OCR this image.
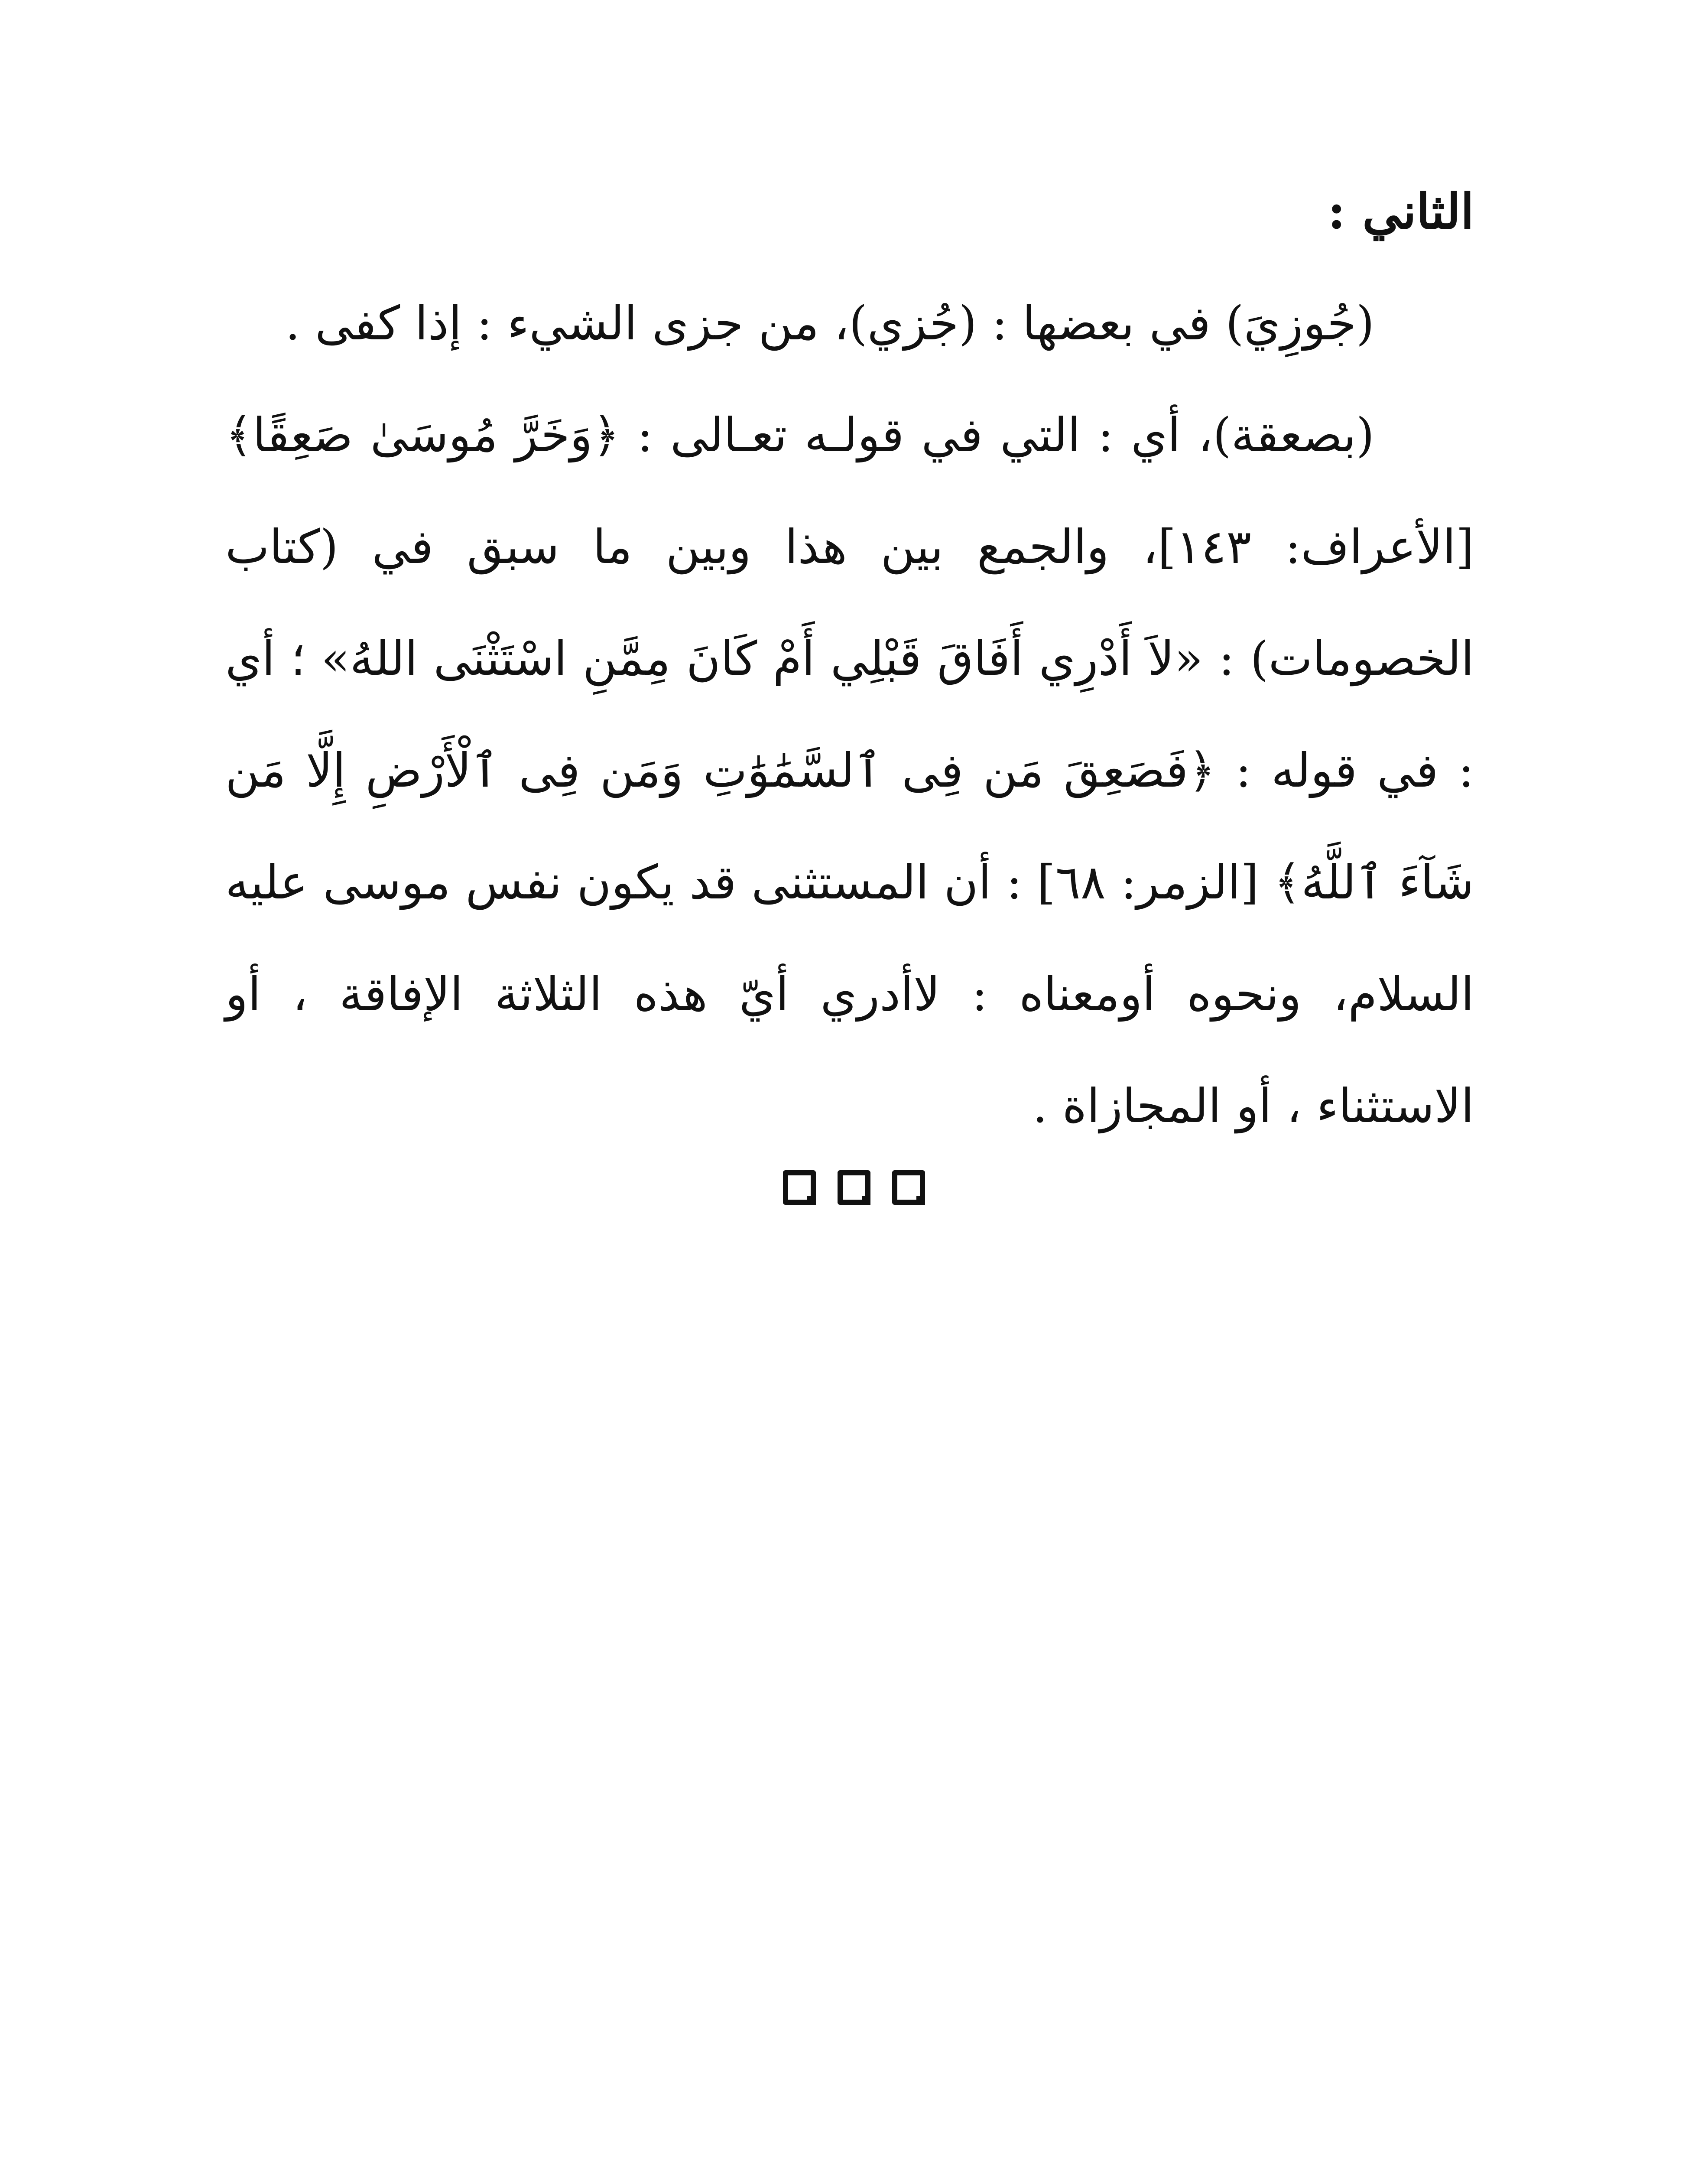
الثاني :

(جُوزِيَ) في بعضها : (جُزي)، من جزى الشيء : إذا كفى .

(بصعقة)، أي : التي في قولـه تعـالى : ﴿وَخَرَّ مُوسَىٰ صَعِقًا﴾ [الأعراف: ١٤٣]، والجمع بين هذا وبين ما سبق في (كتاب الخصومات) : «لاَ أَدْرِي أَفَاقَ قَبْلِي أَمْ كَانَ مِمَّنِ اسْتَثْنَى اللهُ» ؛ أي : في قوله : ﴿فَصَعِقَ مَن فِى ٱلسَّمَٰوَٰتِ وَمَن فِى ٱلْأَرْضِ إِلَّا مَن شَآءَ ٱللَّهُ﴾ [الزمر: ٦٨] : أن المستثنى قد يكون نفس موسى عليه السلام، ونحوه أومعناه : لاأدري أيّ هذه الثلاثة الإفاقة ، أو الاستثناء ، أو المجازاة .
